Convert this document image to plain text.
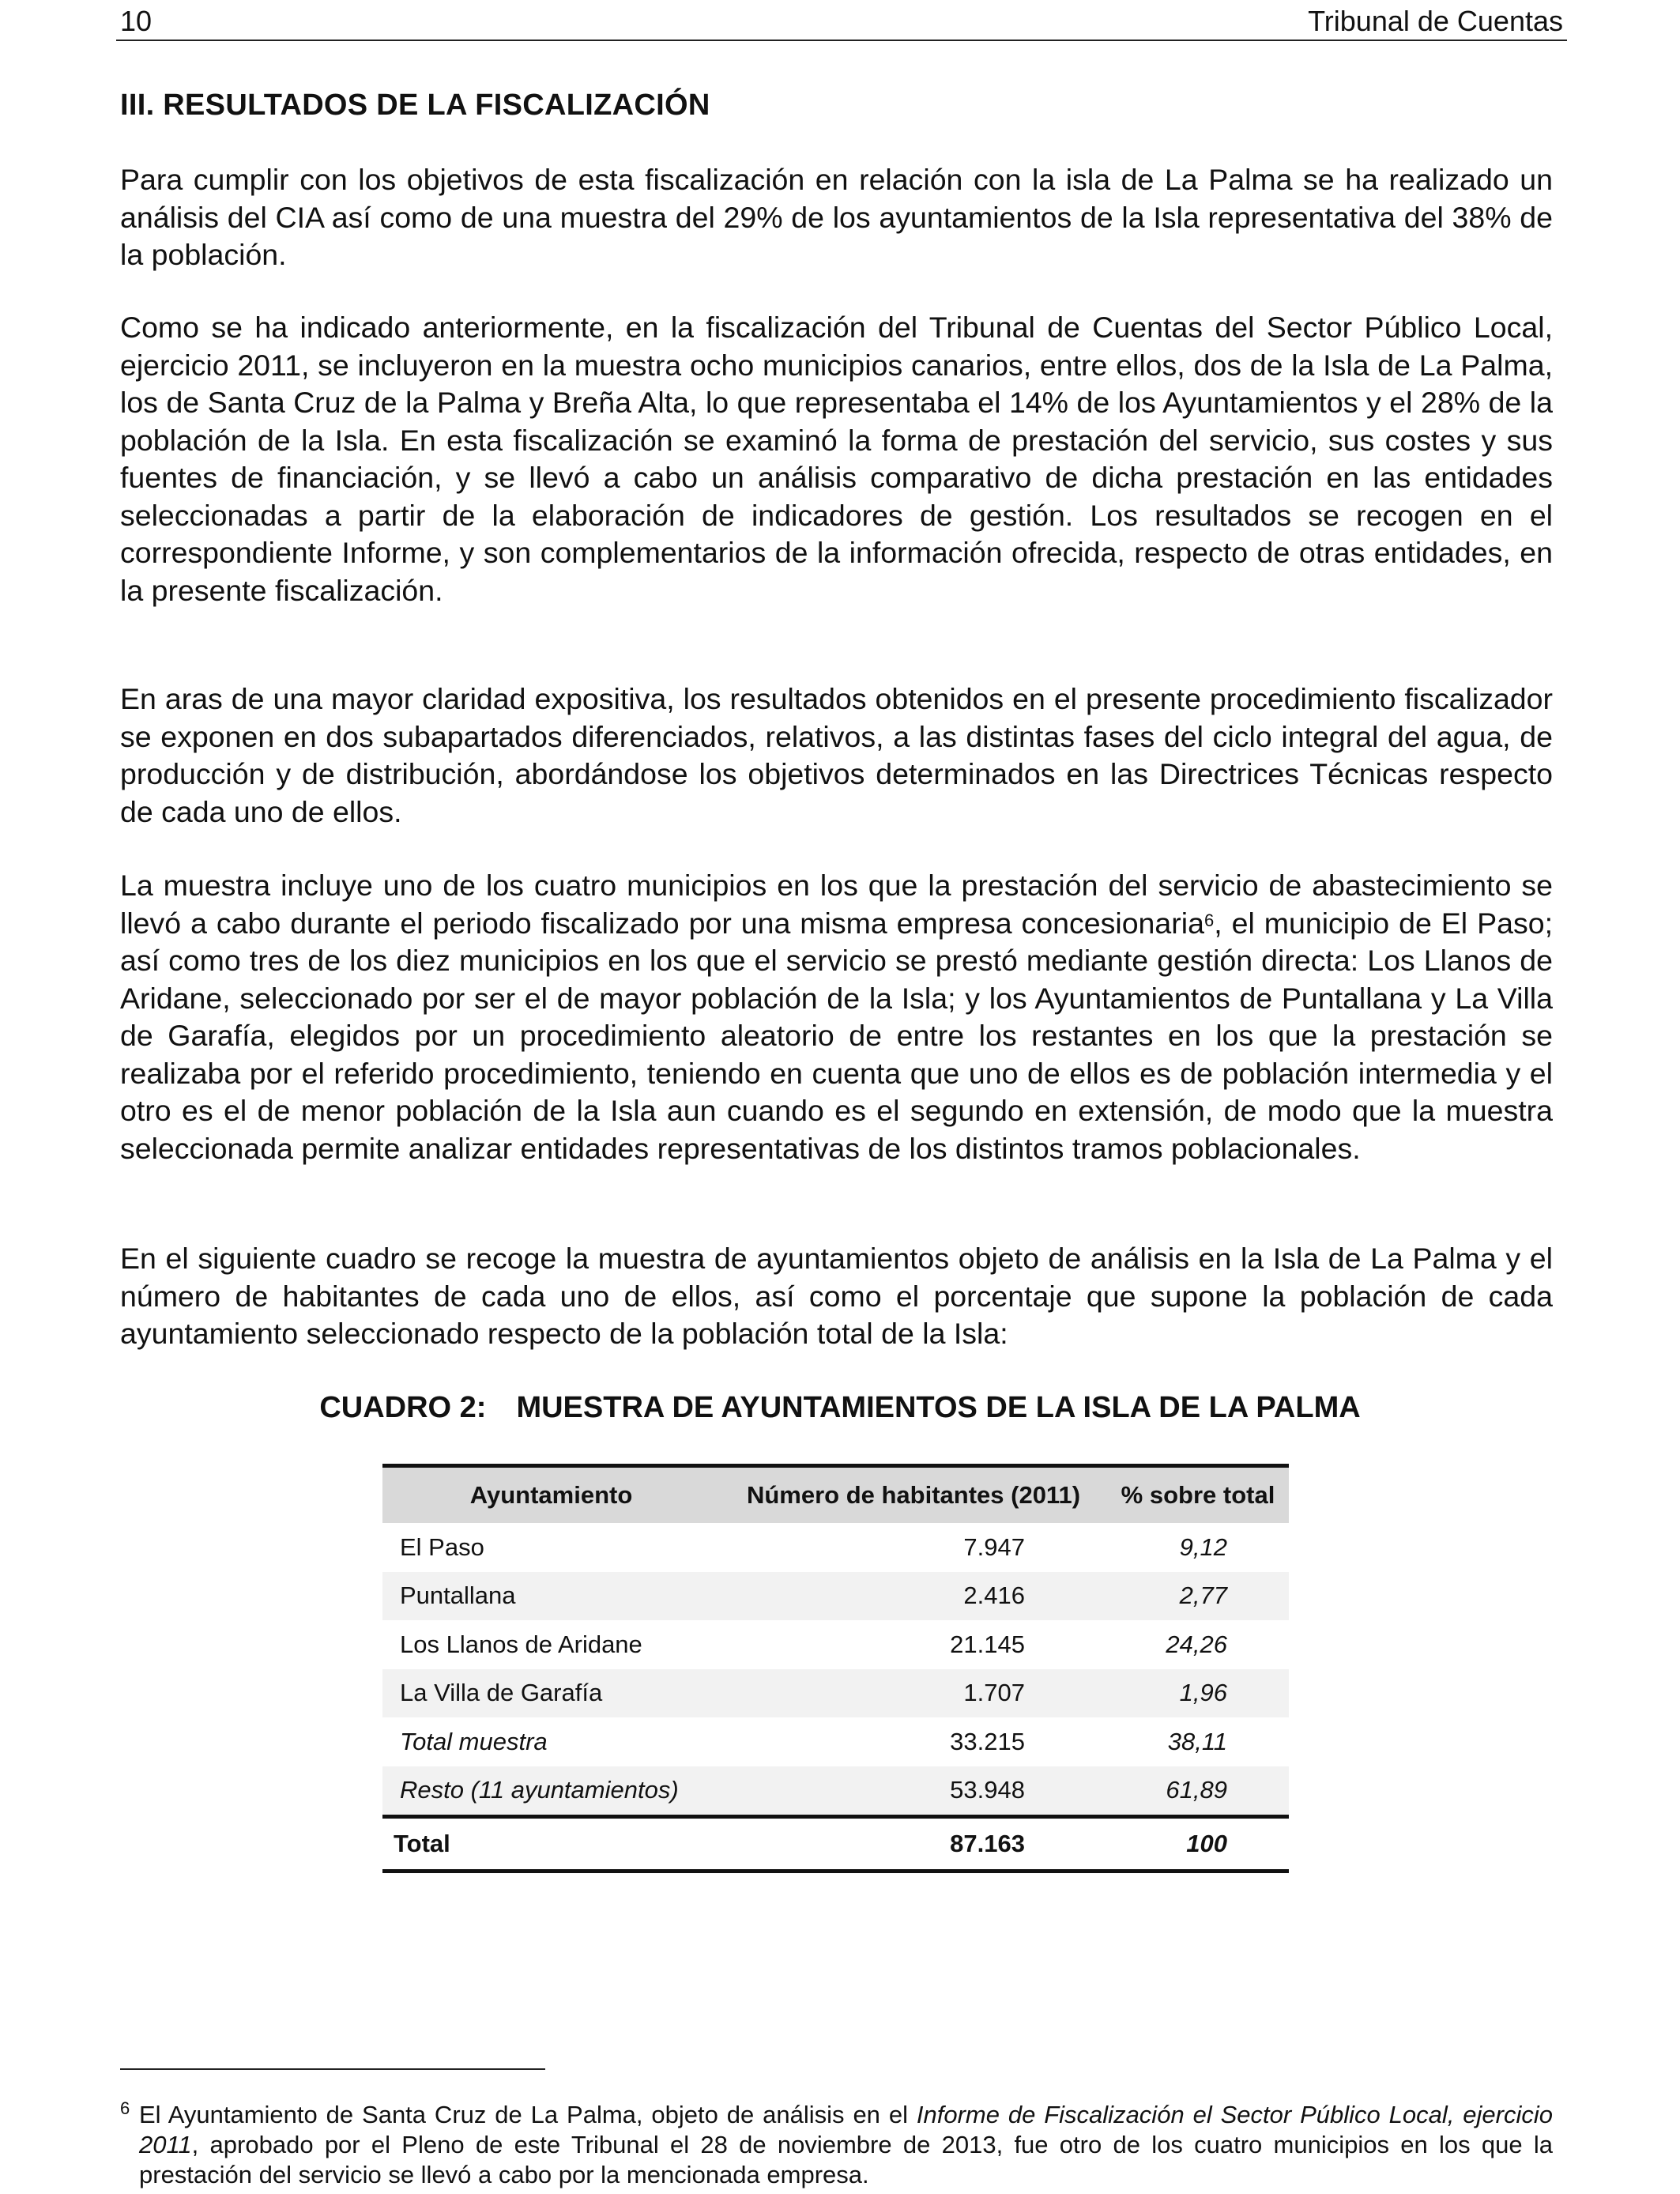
10	Tribunal de Cuentas
III. RESULTADOS DE LA FISCALIZACIÓN

Para cumplir con los objetivos de esta fiscalización en relación con la isla de La Palma se ha realizado un análisis del CIA así como de una muestra del 29% de los ayuntamientos de la Isla representativa del 38% de la población.

Como se ha indicado anteriormente, en la fiscalización del Tribunal de Cuentas del Sector Público Local, ejercicio 2011, se incluyeron en la muestra ocho municipios canarios, entre ellos, dos de la Isla de La Palma, los de Santa Cruz de la Palma y Breña Alta, lo que representaba el 14% de los Ayuntamientos y el 28% de la población de la Isla. En esta fiscalización se examinó la forma de prestación del servicio, sus costes y sus fuentes de financiación, y se llevó a cabo un análisis comparativo de dicha prestación en las entidades seleccionadas a partir de la elaboración de indicadores de gestión. Los resultados se recogen en el correspondiente Informe, y son complementarios de la información ofrecida, respecto de otras entidades, en la presente fiscalización.

En aras de una mayor claridad expositiva, los resultados obtenidos en el presente procedimiento fiscalizador se exponen en dos subapartados diferenciados, relativos, a las distintas fases del ciclo integral del agua, de producción y de distribución, abordándose los objetivos determinados en las Directrices Técnicas respecto de cada uno de ellos.

La muestra incluye uno de los cuatro municipios en los que la prestación del servicio de abastecimiento se llevó a cabo durante el periodo fiscalizado por una misma empresa concesionaria$^6$, el municipio de El Paso; así como tres de los diez municipios en los que el servicio se prestó mediante gestión directa: Los Llanos de Aridane, seleccionado por ser el de mayor población de la Isla; y los Ayuntamientos de Puntallana y La Villa de Garafía, elegidos por un procedimiento aleatorio de entre los restantes en los que la prestación se realizaba por el referido procedimiento, teniendo en cuenta que uno de ellos es de población intermedia y el otro es el de menor población de la Isla aun cuando es el segundo en extensión, de modo que la muestra seleccionada permite analizar entidades representativas de los distintos tramos poblacionales.

En el siguiente cuadro se recoge la muestra de ayuntamientos objeto de análisis en la Isla de La Palma y el número de habitantes de cada uno de ellos, así como el porcentaje que supone la población de cada ayuntamiento seleccionado respecto de la población total de la Isla:

CUADRO 2: MUESTRA DE AYUNTAMIENTOS DE LA ISLA DE LA PALMA
Ayuntamiento	Número de habitantes (2011)	% sobre total
El Paso	7.947	9,12
Puntallana	2.416	2,77
Los Llanos de Aridane	21.145	24,26
La Villa de Garafía	1.707	1,96
Total muestra	33.215	38,11
Resto (11 ayuntamientos)	53.948	61,89
Total	87.163	100

6 El Ayuntamiento de Santa Cruz de La Palma, objeto de análisis en el Informe de Fiscalización el Sector Público Local, ejercicio 2011, aprobado por el Pleno de este Tribunal el 28 de noviembre de 2013, fue otro de los cuatro municipios en los que la prestación del servicio se llevó a cabo por la mencionada empresa.
